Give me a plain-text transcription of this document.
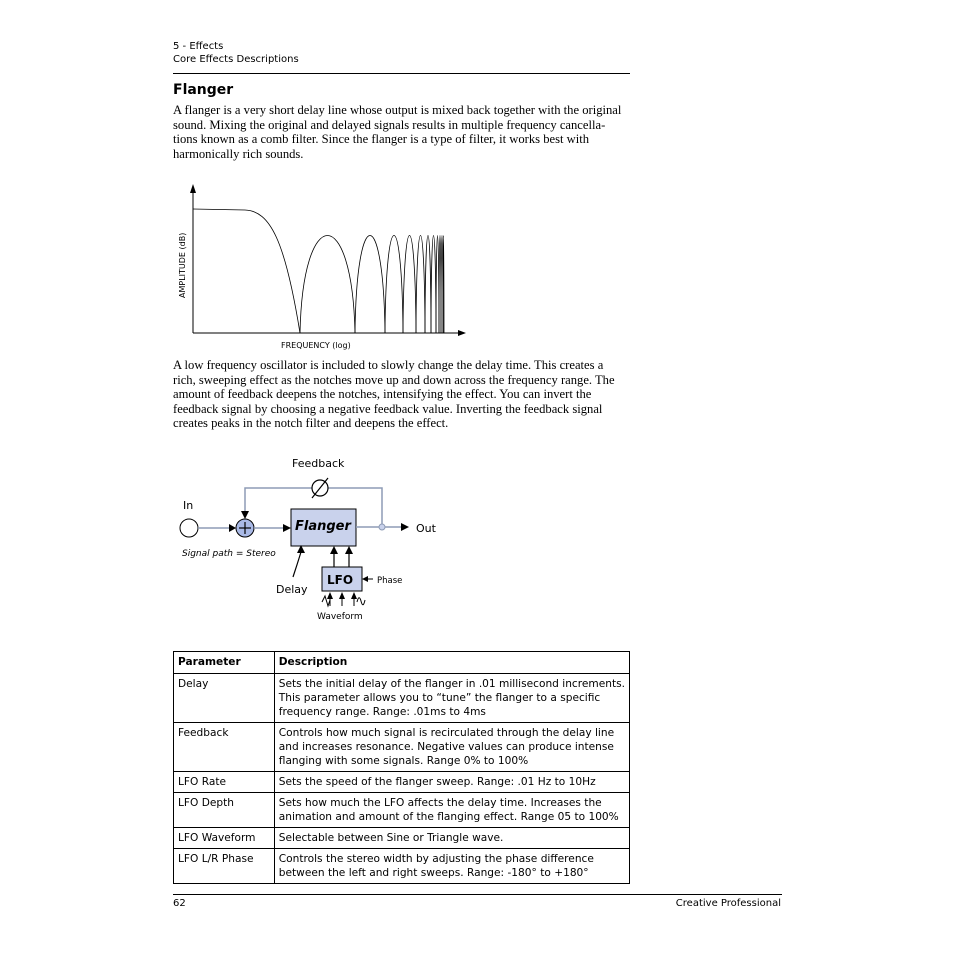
5 - Effects
Core Effects Descriptions
Flanger
A flanger is a very short delay line whose output is mixed back together with the original
sound. Mixing the original and delayed signals results in multiple frequency cancella-
tions known as a comb filter. Since the flanger is a type of filter, it works best with
harmonically rich sounds.
AMPLITUDE (dB)
FREQUENCY (log)
A low frequency oscillator is included to slowly change the delay time. This creates a
rich, sweeping effect as the notches move up and down across the frequency range. The
amount of feedback deepens the notches, intensifying the effect. You can invert the
feedback signal by choosing a negative feedback value. Inverting the feedback signal
creates peaks in the notch filter and deepens the effect.
Feedback
In
Flanger	Out
Signal path = Stereo
Delay
LFO	Phase
Waveform
Parameter	Description
Delay	Sets the initial delay of the flanger in .01 millisecond increments.
This parameter allows you to “tune” the flanger to a specific
frequency range. Range: .01ms to 4ms

Feedback	Controls how much signal is recirculated through the delay line
and increases resonance. Negative values can produce intense
flanging with some signals. Range 0% to 100%

LFO Rate	Sets the speed of the flanger sweep. Range: .01 Hz to 10Hz

LFO Depth	Sets how much the LFO affects the delay time. Increases the
animation and amount of the flanging effect. Range 05 to 100%

LFO Waveform	Selectable between Sine or Triangle wave.

LFO L/R Phase	Controls the stereo width by adjusting the phase difference
between the left and right sweeps. Range: -180° to +180°
62	Creative Professional
